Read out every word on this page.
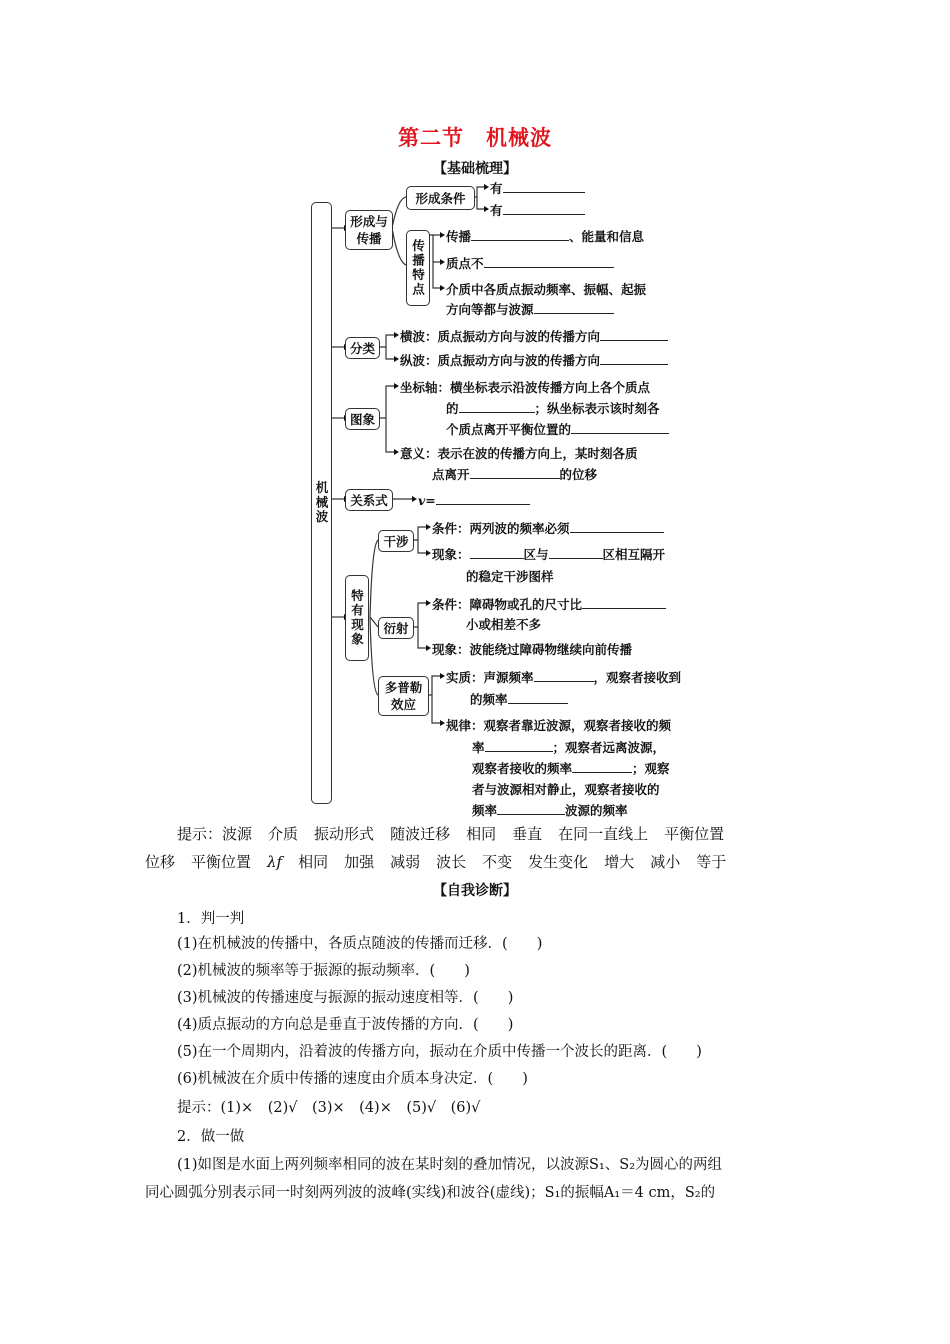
第二节 机械波
【基础梳理】
机械波
形成与传播
形成条件
有
有
传播特点
传播	、能量和信息
质点不
介质中各质点振动频率、振幅、起振
方向等都与波源
分类
横波：质点振动方向与波的传播方向
纵波：质点振动方向与波的传播方向
图象
坐标轴：横坐标表示沿波传播方向上各个质点
的	；纵坐标表示该时刻各
个质点离开平衡位置的
意义：表示在波的传播方向上，某时刻各质
点离开	的位移
关系式 v=
特有现象
干涉
条件：两列波的频率必须
现象：	区与	区相互隔开
的稳定干涉图样
衍射
条件：障碍物或孔的尺寸比
小或相差不多
现象：波能绕过障碍物继续向前传播
多普勒效应
实质：声源频率	，观察者接收到
的频率
规律：观察者靠近波源，观察者接收的频
率	；观察者远离波源，
观察者接收的频率	；观察
者与波源相对静止，观察者接收的
频率	波源的频率
提示：波源 介质 振动形式 随波迁移 相同 垂直 在同一直线上 平衡位置
位移 平衡位置 λf 相同 加强 减弱 波长 不变 发生变化 增大 减小 等于
【自我诊断】
1．判一判
(1)在机械波的传播中，各质点随波的传播而迁移．(　　)
(2)机械波的频率等于振源的振动频率．(　　)
(3)机械波的传播速度与振源的振动速度相等．(　　)
(4)质点振动的方向总是垂直于波传播的方向．(　　)
(5)在一个周期内，沿着波的传播方向，振动在介质中传播一个波长的距离．(　　)
(6)机械波在介质中传播的速度由介质本身决定．(　　)
提示：(1)×　(2)√　(3)×　(4)×　(5)√　(6)√
2．做一做
(1)如图是水面上两列频率相同的波在某时刻的叠加情况，以波源S₁、S₂为圆心的两组
同心圆弧分别表示同一时刻两列波的波峰(实线)和波谷(虚线)；S₁的振幅A₁＝4 cm，S₂的
